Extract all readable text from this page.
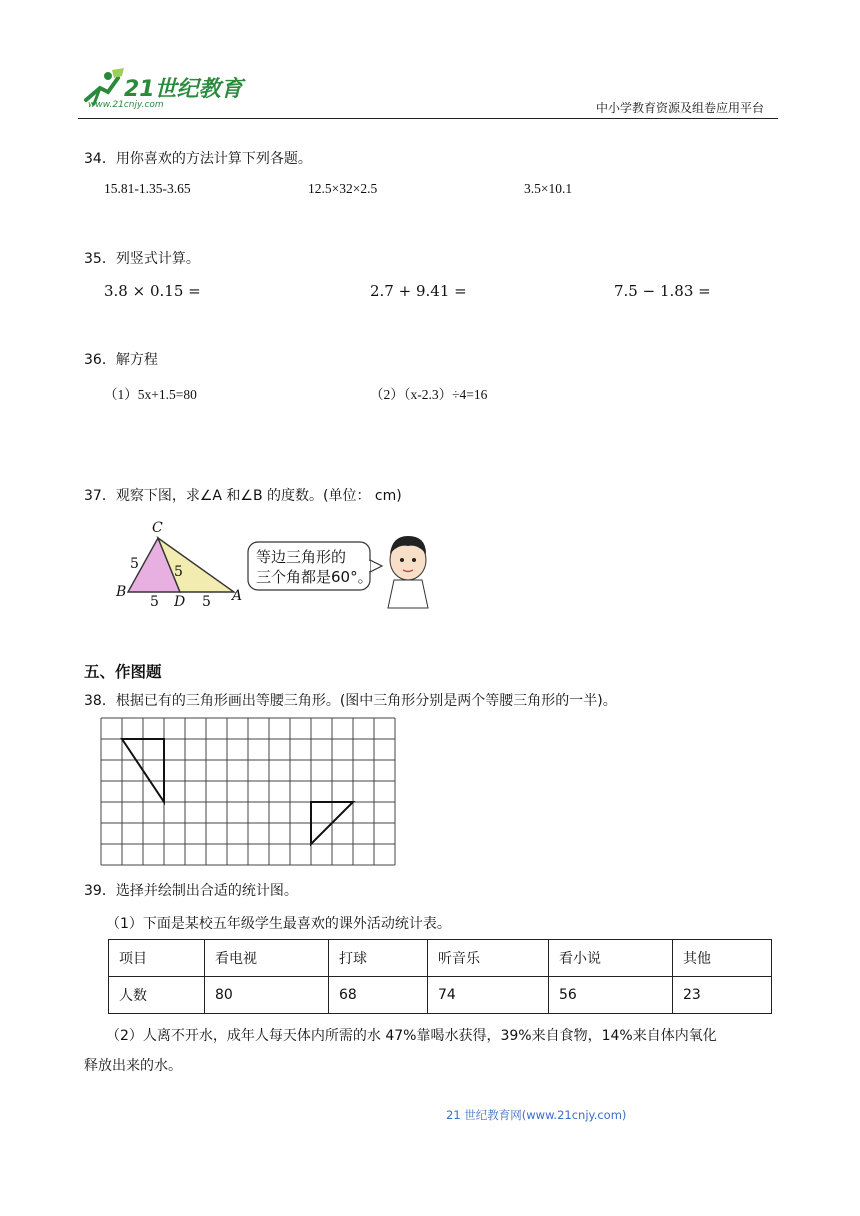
21世纪教育
www.21cnjy.com	中小学教育资源及组卷应用平台
34．用你喜欢的方法计算下列各题。
15.81-1.35-3.65	12.5×32×2.5	3.5×10.1
35．列竖式计算。
3.8 × 0.15 =	2.7 + 9.41 =	7.5 − 1.83 =
36．解方程
（1）5x+1.5=80	（2）（x-2.3）÷4=16
37．观察下图，求∠A 和∠B 的度数。(单位： cm)
C
B
D	A
5	5
5	5
等边三角形的
三个角都是60°。
五、作图题
38．根据已有的三角形画出等腰三角形。(图中三角形分别是两个等腰三角形的一半)。
39．选择并绘制出合适的统计图。
（1）下面是某校五年级学生最喜欢的课外活动统计表。
项目	看电视	打球	听音乐	看小说	其他
人数	80	68	74	56	23
（2）人离不开水，成年人每天体内所需的水 47%靠喝水获得，39%来自食物，14%来自体内氧化
释放出来的水。
21 世纪教育网(www.21cnjy.com)
